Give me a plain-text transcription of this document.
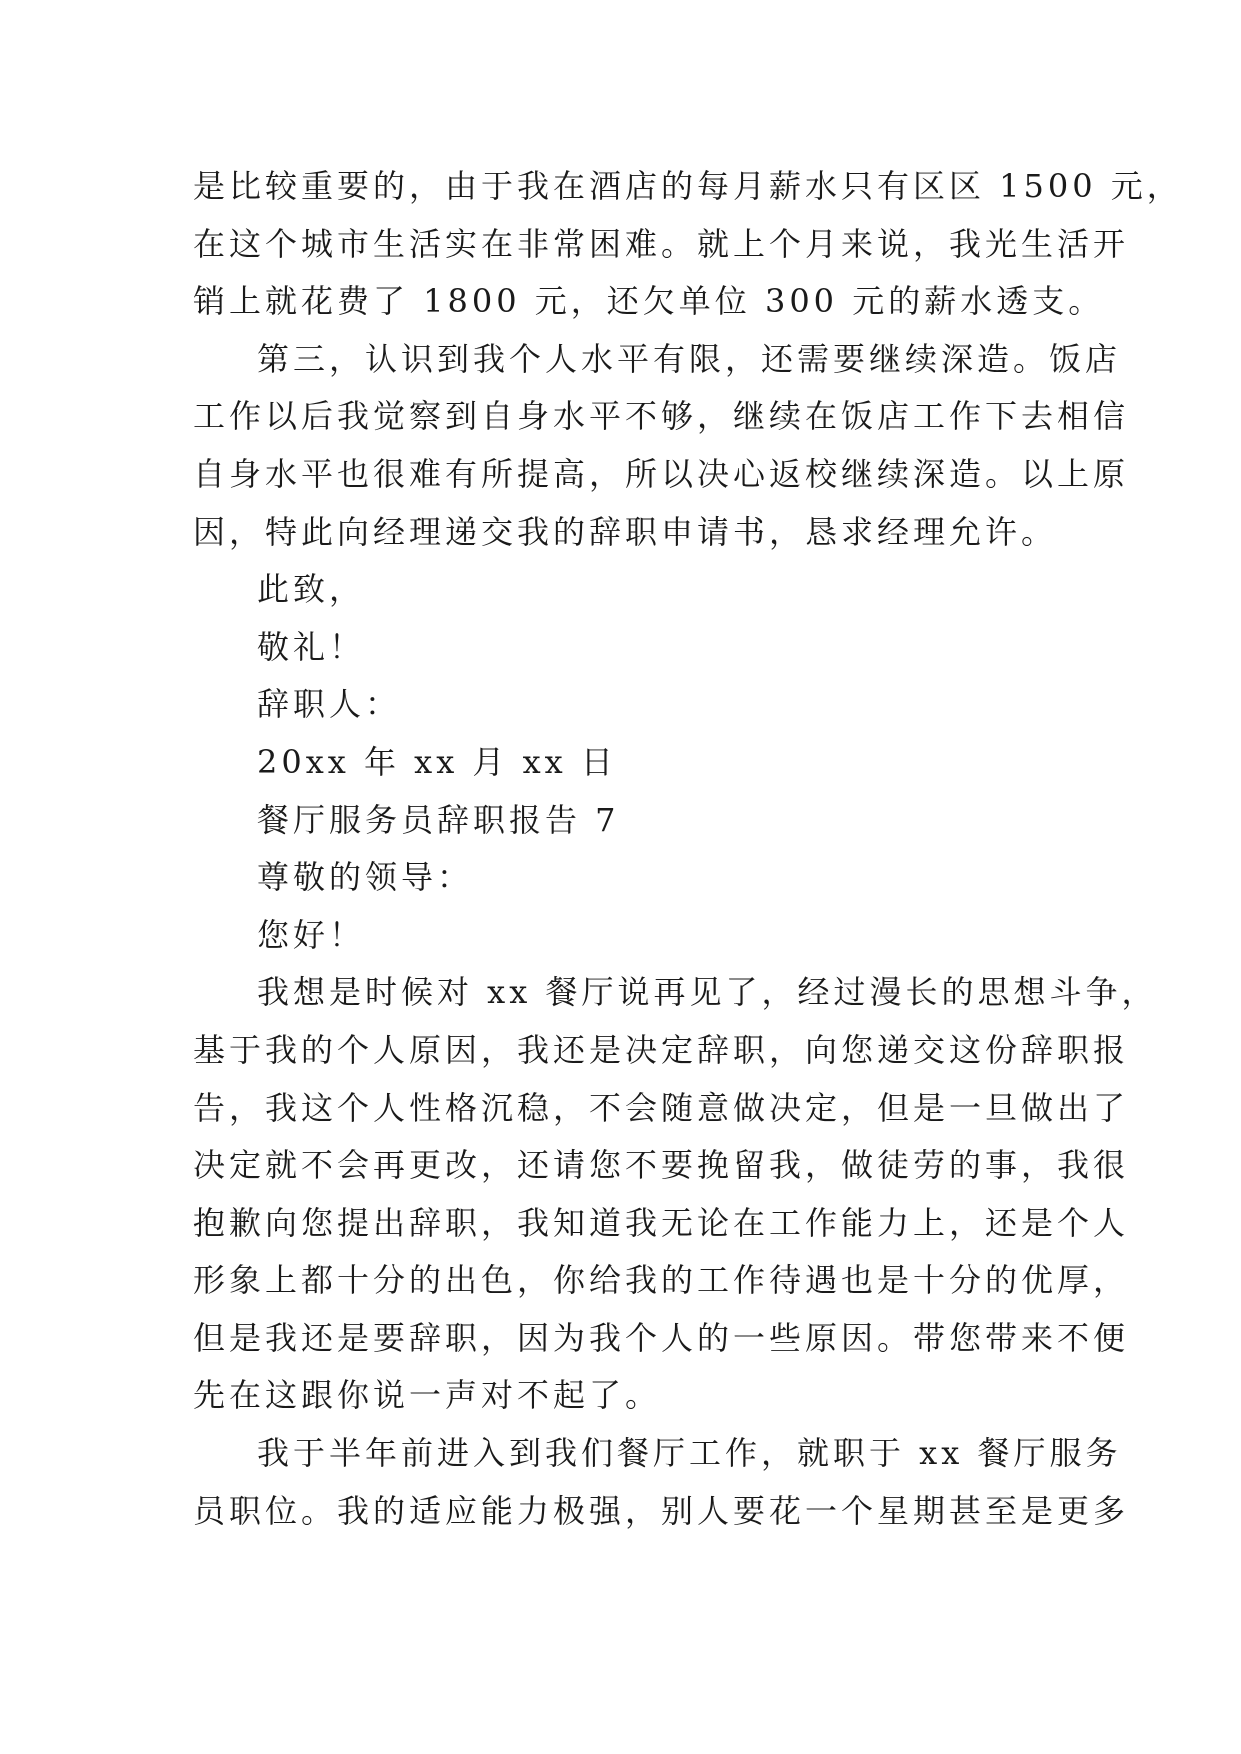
是比较重要的，由于我在酒店的每月薪水只有区区 1500 元，

在这个城市生活实在非常困难。就上个月来说，我光生活开

销上就花费了 1800 元，还欠单位 300 元的薪水透支。

第三，认识到我个人水平有限，还需要继续深造。饭店

工作以后我觉察到自身水平不够，继续在饭店工作下去相信

自身水平也很难有所提高，所以决心返校继续深造。以上原

因，特此向经理递交我的辞职申请书，恳求经理允许。

此致，

敬礼！

辞职人：

20xx 年 xx 月 xx 日

餐厅服务员辞职报告 7

尊敬的领导：

您好！

我想是时候对 xx 餐厅说再见了，经过漫长的思想斗争，

基于我的个人原因，我还是决定辞职，向您递交这份辞职报

告，我这个人性格沉稳，不会随意做决定，但是一旦做出了

决定就不会再更改，还请您不要挽留我，做徒劳的事，我很

抱歉向您提出辞职，我知道我无论在工作能力上，还是个人

形象上都十分的出色，你给我的工作待遇也是十分的优厚，

但是我还是要辞职，因为我个人的一些原因。带您带来不便

先在这跟你说一声对不起了。

我于半年前进入到我们餐厅工作，就职于 xx 餐厅服务

员职位。我的适应能力极强，别人要花一个星期甚至是更多
